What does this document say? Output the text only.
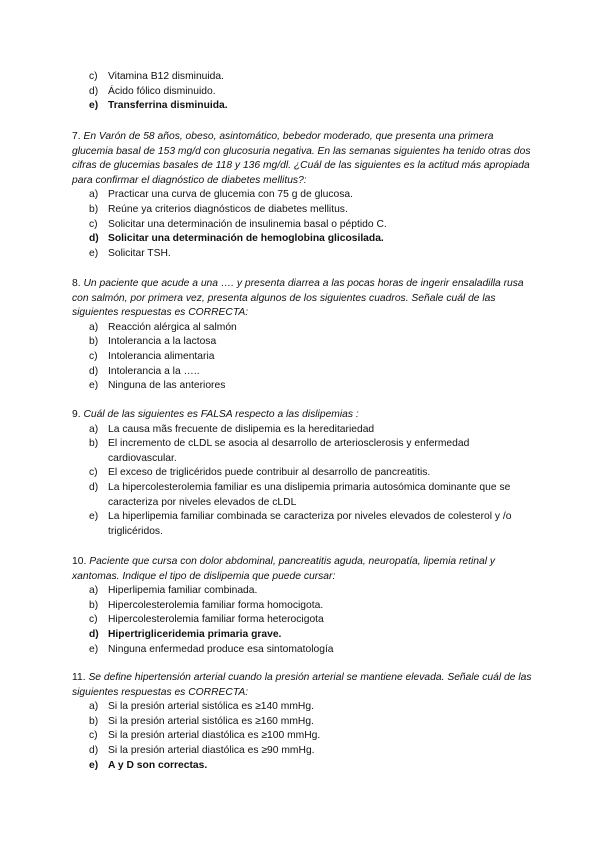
c) Vitamina B12 disminuida.
d) Ácido fólico disminuido.
e) Transferrina disminuida.

7. En Varón de 58 años, obeso, asintomático, bebedor moderado, que presenta una primera glucemia basal de 153 mg/d con glucosuria negativa. En las semanas siguientes ha tenido otras dos cifras de glucemias basales de 118 y 136 mg/dl. ¿Cuál de las siguientes es la actitud más apropiada para confirmar el diagnóstico de diabetes mellitus?:

a) Practicar una curva de glucemia con 75 g de glucosa.
b) Reúne ya criterios diagnósticos de diabetes mellitus.
c) Solicitar una determinación de insulinemia basal o péptido C.
d) Solicitar una determinación de hemoglobina glicosilada.
e) Solicitar TSH.

8. Un paciente que acude a una …. y presenta diarrea a las pocas horas de ingerir ensaladilla rusa con salmón, por primera vez, presenta algunos de los siguientes cuadros. Señale cuál de las siguientes respuestas es CORRECTA:

a) Reacción alérgica al salmón
b) Intolerancia a la lactosa
c) Intolerancia alimentaria
d) Intolerancia a la …..
e) Ninguna de las anteriores

9. Cuál de las siguientes es FALSA respecto a las dislipemias :

a) La causa mãs frecuente de dislipemia es la hereditariedad
b) El incremento de cLDL se asocia al desarrollo de arteriosclerosis y enfermedad cardiovascular.
c) El exceso de triglicéridos puede contribuir al desarrollo de pancreatitis.
d) La hipercolesterolemia familiar es una dislipemia primaria autosómica dominante que se caracteriza por niveles elevados de cLDL
e) La hiperlipemia familiar combinada se caracteriza por niveles elevados de colesterol y /o triglicéridos.

10. Paciente que cursa con dolor abdominal, pancreatitis aguda, neuropatía, lipemia retinal y xantomas. Indique el tipo de dislipemia que puede cursar:

a) Hiperlipemia familiar combinada.
b) Hipercolesterolemia familiar forma homocigota.
c) Hipercolesterolemia familiar forma heterocigota
d) Hipertrigliceridemia primaria grave.
e) Ninguna enfermedad produce esa sintomatología

11. Se define hipertensión arterial cuando la presión arterial se mantiene elevada. Señale cuál de las siguientes respuestas es CORRECTA:

a) Si la presión arterial sistólica es ≥140 mmHg.
b) Si la presión arterial sistólica es ≥160 mmHg.
c) Si la presión arterial diastólica es ≥100 mmHg.
d) Si la presión arterial diastólica es ≥90 mmHg.
e) A y D son correctas.
